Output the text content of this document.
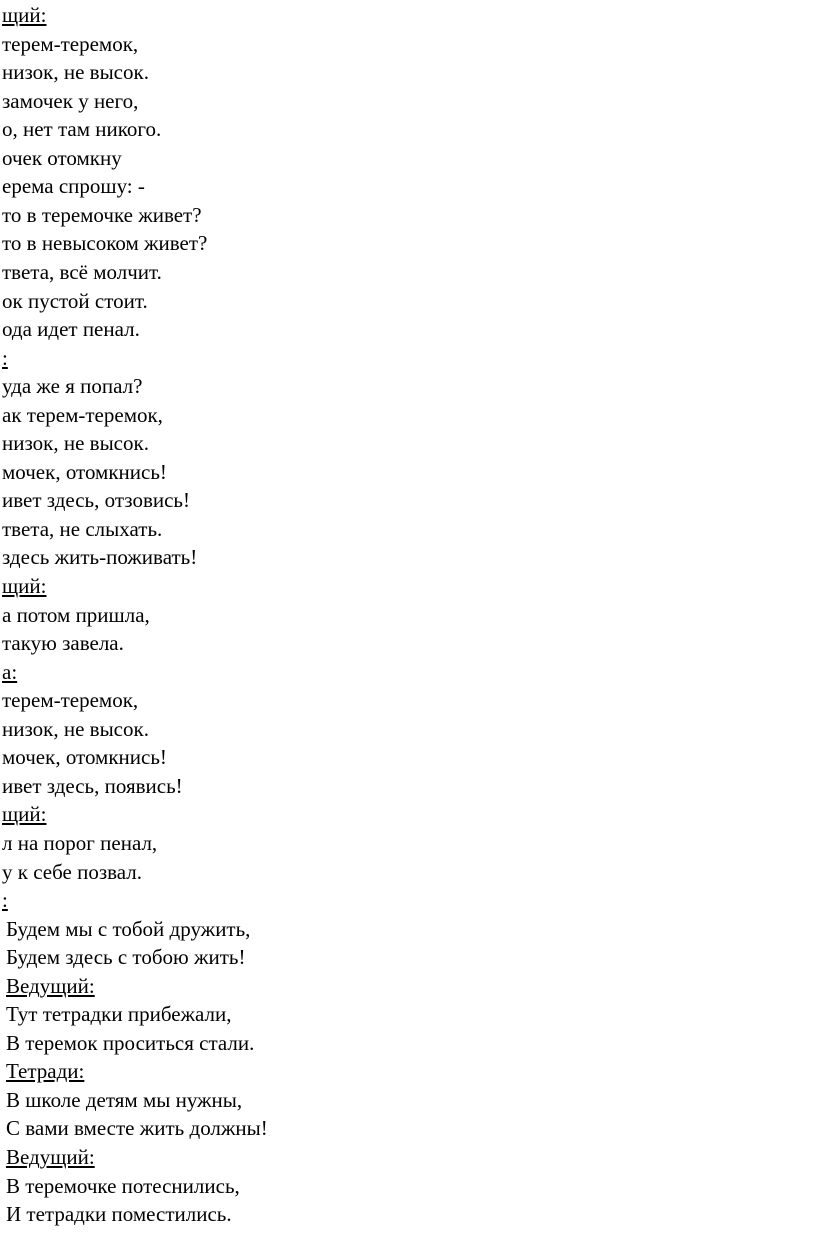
щий:
терем-теремок,
низок, не высок.
замочек у него,
о, нет там никого.
очек отомкну
ерема спрошу: -
то в теремочке живет?
то в невысоком живет?
твета, всё молчит.
ок пустой стоит.
ода идет пенал.
:
уда же я попал?
ак терем-теремок,
низок, не высок.
мочек, отомкнись!
ивет здесь, отзовись!
твета, не слыхать.
здесь жить-поживать!
щий:
а потом пришла,
такую завела.
а:
терем-теремок,
низок, не высок.
мочек, отомкнись!
ивет здесь, появись!
щий:
л на порог пенал,
у к себе позвал.
:
Будем мы с тобой дружить,
Будем здесь с тобою жить!
Ведущий:
Тут тетрадки прибежали,
В теремок проситься стали.
Тетради:
В школе детям мы нужны,
С вами вместе жить должны!
Ведущий:
В теремочке потеснились,
И тетрадки поместились.
